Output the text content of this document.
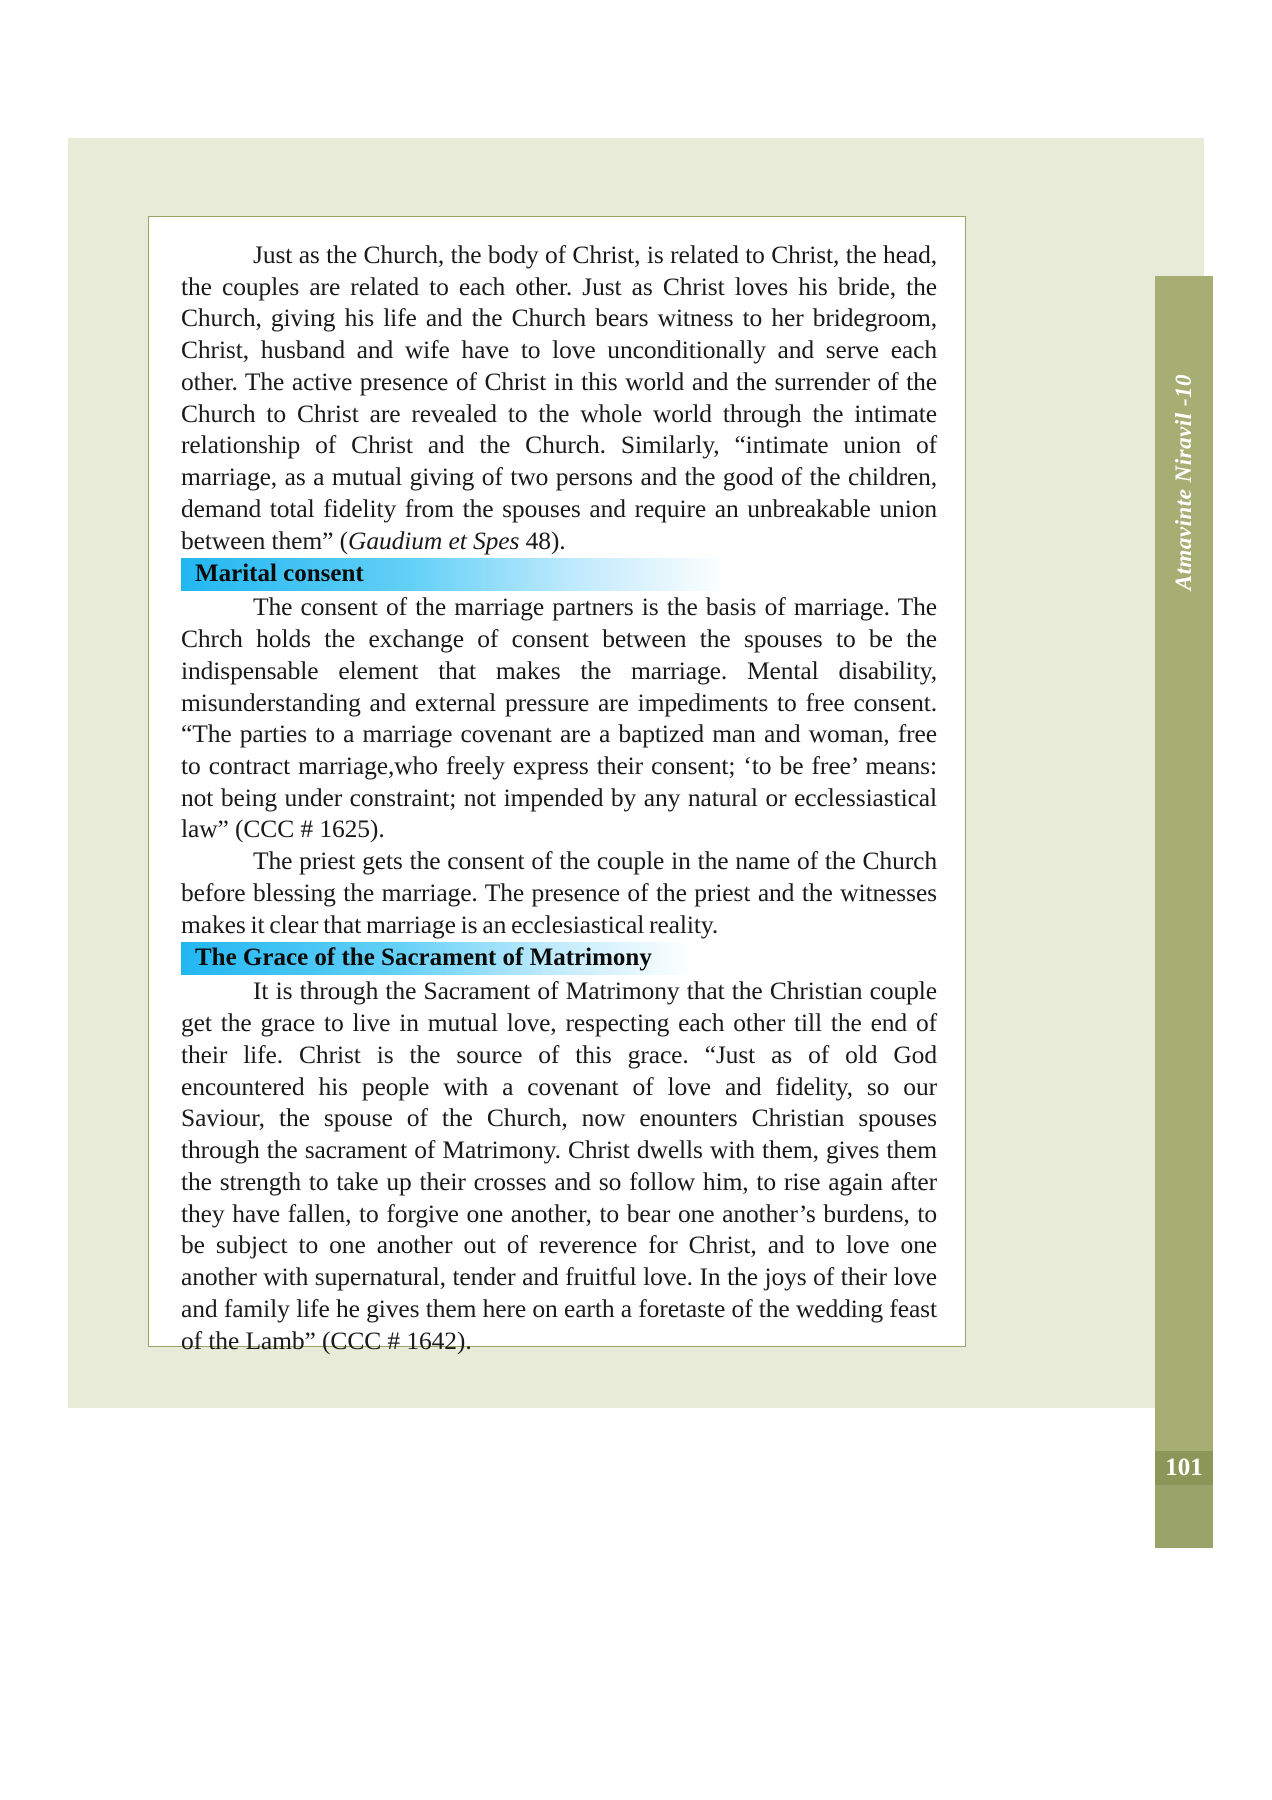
Atmavinte Niravil -10
101

Just as the Church, the body of Christ, is related to Christ, the head, the couples are related to each other. Just as Christ loves his bride, the Church, giving his life and the Church bears witness to her bridegroom, Christ, husband and wife have to love unconditionally and serve each other. The active presence of Christ in this world and the surrender of the Church to Christ are revealed to the whole world through the intimate relationship of Christ and the Church. Similarly, “intimate union of marriage, as a mutual giving of two persons and the good of the children, demand total fidelity from the spouses and require an unbreakable union between them” (Gaudium et Spes 48).

Marital consent

The consent of the marriage partners is the basis of marriage. The Chrch holds the exchange of consent between the spouses to be the indispensable element that makes the marriage. Mental disability, misunderstanding and external pressure are impediments to free consent. “The parties to a marriage covenant are a baptized man and woman, free to contract marriage,who freely express their consent; ‘to be free’ means: not being under constraint; not impended by any natural or ecclessiastical law” (CCC # 1625).

The priest gets the consent of the couple in the name of the Church before blessing the marriage. The presence of the priest and the witnesses makes it clear that marriage is an ecclesiastical reality.

The Grace of the Sacrament of Matrimony

It is through the Sacrament of Matrimony that the Christian couple get the grace to live in mutual love, respecting each other till the end of their life. Christ is the source of this grace. “Just as of old God encountered his people with a covenant of love and fidelity, so our Saviour, the spouse of the Church, now enounters Christian spouses through the sacrament of Matrimony. Christ dwells with them, gives them the strength to take up their crosses and so follow him, to rise again after they have fallen, to forgive one another, to bear one another’s burdens, to be subject to one another out of reverence for Christ, and to love one another with supernatural, tender and fruitful love. In the joys of their love and family life he gives them here on earth a foretaste of the wedding feast of the Lamb” (CCC # 1642).
